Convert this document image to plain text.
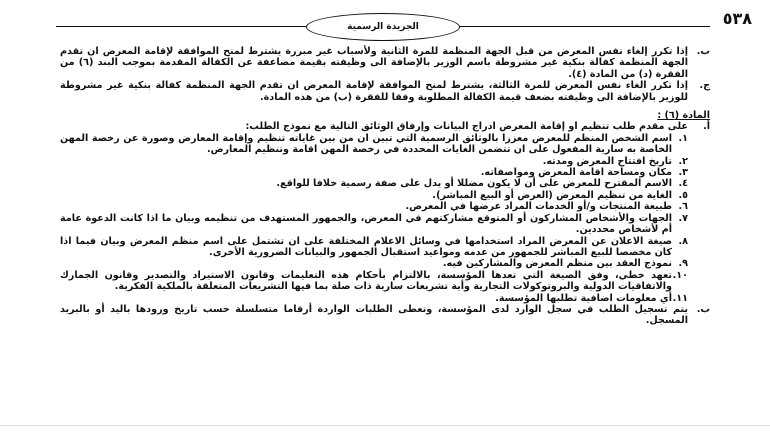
٥٣٨
الجريدة الرسمية
ب.
إذا تكرر إلغاء نفس المعرض من قبل الجهة المنظمة للمرة الثانية ولأسباب غير مبررة يشترط لمنح الموافقة لإقامة المعرض ان تقدم الجهة المنظمة كفالة بنكية غير مشروطة باسم الوزير بالإضافة الى وظيفته بقيمة مضاعفة عن الكفالة المقدمة بموجب البند (٦) من الفقرة (د) من المادة (٤).
ج.
إذا تكرر الغاء نفس المعرض للمرة الثالثة، يشترط لمنح الموافقة لإقامة المعرض ان تقدم الجهة المنظمة كفالة بنكية غير مشروطة للوزير بالإضافة الى وظيفته بضعف قيمة الكفالة المطلوبة وفقا للفقرة (ب) من هذه المادة.
المادة (٦) :
أ.
على مقدم طلب تنظيم او إقامة المعرض ادراج البيانات وإرفاق الوثائق التالية مع نموذج الطلب:
١.
اسم الشخص المنظم للمعرض معززا بالوثائق الرسمية التي تبين ان من بين غاياته تنظيم وإقامة المعارض وصورة عن رخصة المهن الخاصة به سارية المفعول على ان تتضمن الغايات المحددة في رخصة المهن اقامة وتنظيم المعارض.
٢.
تاريخ افتتاح المعرض ومدته.
٣.
مكان ومساحة اقامة المعرض ومواصفاته.
٤.
الاسم المقترح للمعرض على أن لا يكون مضللا أو يدل على صفة رسمية خلافا للواقع.
٥.
الغاية من تنظيم المعرض (العرض أو البيع المباشر).
٦.
طبيعة المنتجات و/أو الخدمات المراد عرضها في المعرض.
٧.
الجهات والأشخاص المشاركون أو المتوقع مشاركتهم في المعرض، والجمهور المستهدف من تنظيمه وبيان ما اذا كانت الدعوة عامة أم لأشخاص محددين.
٨.
صيغة الاعلان عن المعرض المراد استخدامها في وسائل الاعلام المختلفة على ان تشتمل على اسم منظم المعرض وبيان فيما اذا كان مخصصا للبيع المباشر للجمهور من عدمه ومواعيد استقبال الجمهور والبيانات الضرورية الأخرى.
٩.
نموذج العقد بين منظم المعرض والمشاركين فيه.
١٠.
تعهد خطي، وفق الصيغة التي تعدها المؤسسة، بالالتزام بأحكام هذه التعليمات وقانون الاستيراد والتصدير وقانون الجمارك والاتفاقيات الدولية والبروتوكولات التجارية وأية تشريعات سارية ذات صلة بما فيها التشريعات المتعلقة بالملكية الفكرية.
١١.
أي معلومات اضافية تطلبها المؤسسة.
ب.
يتم تسجيل الطلب في سجل الوارد لدى المؤسسة، وتعطى الطلبات الواردة أرقاما متسلسلة حسب تاريخ ورودها باليد أو بالبريد المسجل.
